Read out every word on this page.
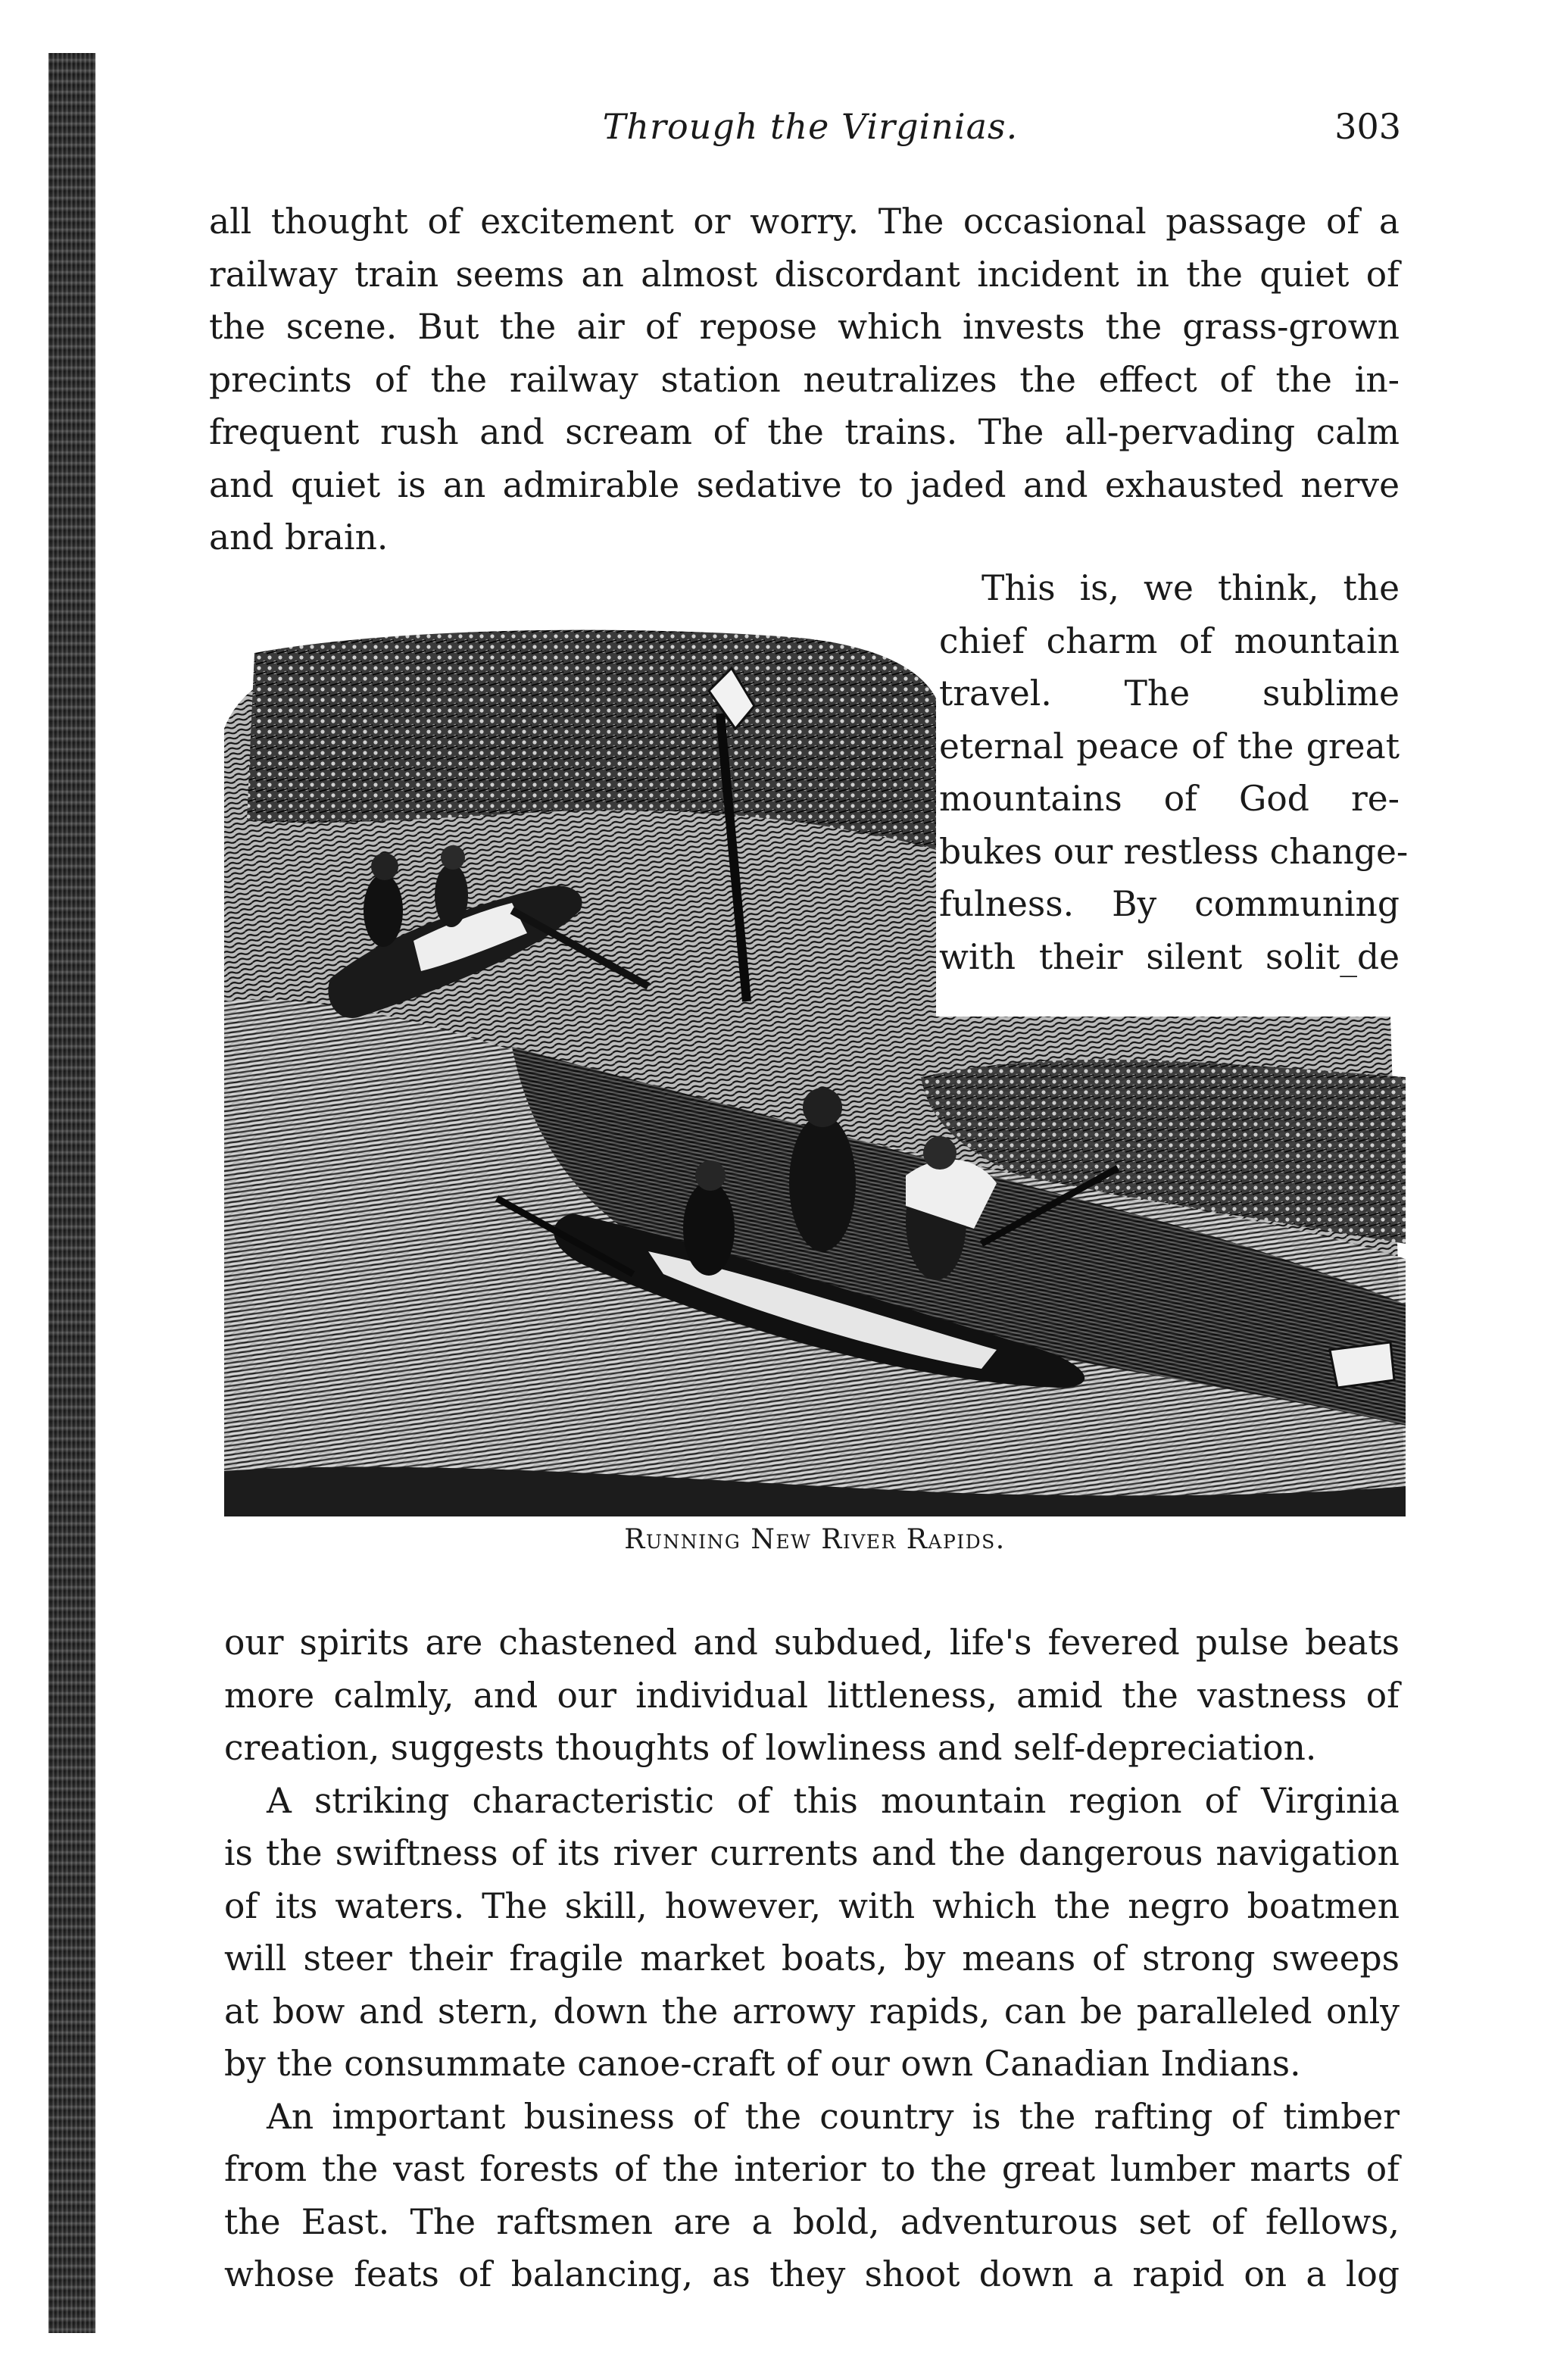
Through the Virginias.	303
all thought of excitement or worry. The occasional passage of a
railway train seems an almost discordant incident in the quiet of
the scene. But the air of repose which invests the grass-grown
precints of the railway station neutralizes the effect of the in-
frequent rush and scream of the trains. The all-pervading calm
and quiet is an admirable sedative to jaded and exhausted nerve
and brain.
This is, we think, the
chief charm of mountain
travel. The sublime
eternal peace of the great
mountains of God re-
bukes our restless change-
fulness. By communing
with their silent solit_de
Running New River Rapids.
our spirits are chastened and subdued, life's fevered pulse beats
more calmly, and our individual littleness, amid the vastness of
creation, suggests thoughts of lowliness and self-depreciation.
A striking characteristic of this mountain region of Virginia
is the swiftness of its river currents and the dangerous navigation
of its waters. The skill, however, with which the negro boatmen
will steer their fragile market boats, by means of strong sweeps
at bow and stern, down the arrowy rapids, can be paralleled only
by the consummate canoe-craft of our own Canadian Indians.
An important business of the country is the rafting of timber
from the vast forests of the interior to the great lumber marts of
the East. The raftsmen are a bold, adventurous set of fellows,
whose feats of balancing, as they shoot down a rapid on a log
